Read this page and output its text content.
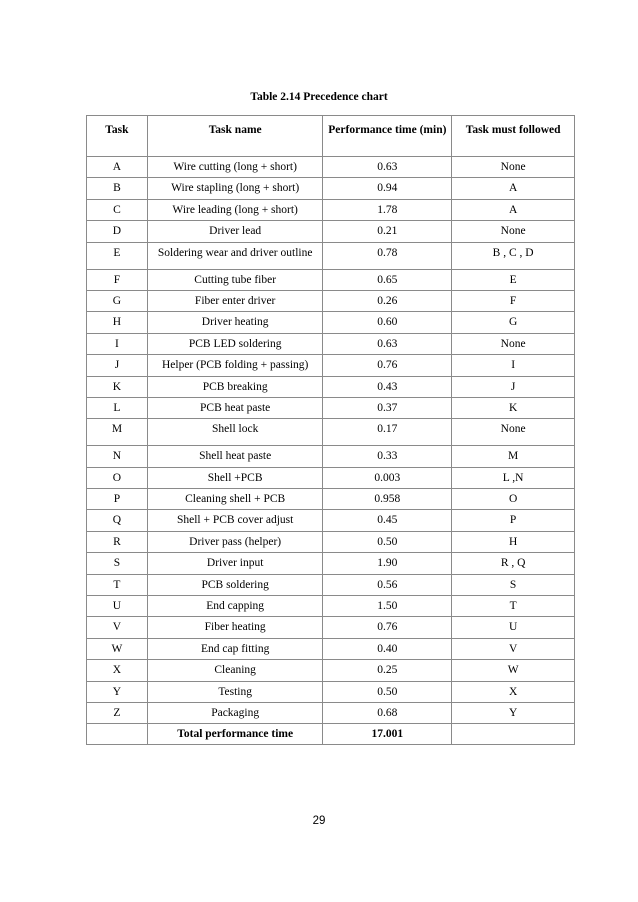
Table 2.14 Precedence chart
Task	Task name	Performance time (min)	Task must followed
A	Wire cutting (long + short)	0.63	None
B	Wire stapling (long + short)	0.94	A
C	Wire leading (long + short)	1.78	A
D	Driver lead	0.21	None
E	Soldering wear and driver outline	0.78	B , C , D
F	Cutting tube fiber	0.65	E
G	Fiber enter driver	0.26	F
H	Driver heating	0.60	G
I	PCB LED soldering	0.63	None
J	Helper (PCB folding + passing)	0.76	I
K	PCB breaking	0.43	J
L	PCB heat paste	0.37	K
M	Shell lock	0.17	None
N	Shell heat paste	0.33	M
O	Shell +PCB	0.003	L ,N
P	Cleaning shell + PCB	0.958	O
Q	Shell + PCB cover adjust	0.45	P
R	Driver pass (helper)	0.50	H
S	Driver input	1.90	R , Q
T	PCB soldering	0.56	S
U	End capping	1.50	T
V	Fiber heating	0.76	U
W	End cap fitting	0.40	V
X	Cleaning	0.25	W
Y	Testing	0.50	X
Z	Packaging	0.68	Y
	Total performance time	17.001	
29
